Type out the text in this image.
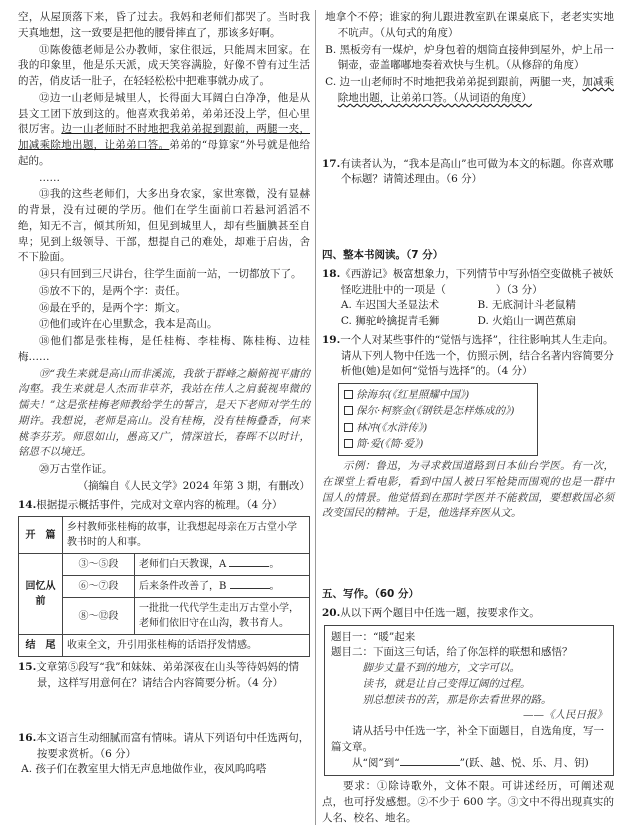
空，从屋顶落下来，昏了过去。我妈和老师们都哭了。当时我天真地想，这一致要是把他的腰骨摔直了，那该多好啊。

⑪陈俊德老师是公办教师，家住很远，只能周末回家。在我的印象里，他是乐天派，成天笑容满脸，好像不曾有过生活的苦，俏皮话一肚子，在轻轻松松中把难事就办成了。

⑫边一山老师是城里人，长得面大耳阔白白净净，他是从县文工团下放到这的。他喜欢我弟弟，弟弟还没上学，但心里很厉害。边一山老师时不时地把我弟弟捉到跟前，两腿一夹，加减乘除地出题，让弟弟口答。弟弟的“母算家”外号就是他给起的。

……

⑬我的这些老师们，大多出身农家，家世寒微，没有显赫的背景，没有过硬的学历。他们在学生面前口若悬河滔滔不绝，知无不言，倾其所知，但见到城里人，却有些腼腆甚至自卑；见到上级领导、干部，想提自己的难处，却难于启齿，舍不下脸面。

⑭只有回到三尺讲台，往学生面前一站，一切都放下了。

⑮放不下的，是两个字：责任。

⑯最在乎的，是两个字：斯文。

⑰他们或许在心里默念，我本是高山。

⑱他们都是张桂梅，是任桂梅、李桂梅、陈桂梅、边桂梅……

⑲“我生来就是高山而非溪流，我欲于群峰之巅俯视平庸的沟壑。我生来就是人杰而非草芥，我站在伟人之肩藐视卑微的懦夫！”这是张桂梅老师教给学生的誓言，是天下老师对学生的期许。我想说，老师是高山。没有桂梅，没有桂梅叠香，何来桃李芬芳。师恩如山，愚高又广，情深谊长，春晖不以时计，铭恩不以境迁。

⑳万古堂作证。

（摘编自《人民文学》2024 年第 3 期，有删改）

14.根据提示概括事件，完成对文章内容的梳理。（4 分）
开　篇	乡村教师张桂梅的故事，让我想起母亲在万古堂小学教书时的人和事。	
回忆从前	③～⑤段	老师们白天教课，A 。
	⑥～⑦段	后来条件改善了，B 。
	⑧～⑫段	一批批一代代学生走出万古堂小学，老师们依旧守在山沟，教书育人。
结　尾	收束全文，升引用张桂梅的话语抒发情感。	
15.文章第⑤段写“我”和妹妹、弟弟深夜在山头等待妈妈的情景，这样写用意何在？请结合内容简要分析。（4 分）
16.本文语言生动细腻而富有情味。请从下列语句中任选两句，按要求赏析。（6 分）

A. 孩子们在教室里大悄无声息地做作业，夜风呜呜嗒

地拿个不停；谁家的狗儿跟进教室趴在课桌底下，老老实实地不吭声。（从句式的角度）

B. 黑板旁有一煤炉，炉身包着的烟筒直接伸到屋外，炉上吊一铜壶，壶盖嘟嘟地奏着欢快与生机。（从修辞的角度）

C. 边一山老师时不时地把我弟弟捉到跟前，两腿一夹，加减乘除地出题，让弟弟口答。（从词语的角度）

17.有读者认为，“我本是高山”也可做为本文的标题。你喜欢哪个标题？请简述理由。（6 分）
四、整本书阅读。（7 分）
18.《西游记》极富想象力，下列情节中写孙悟空变做桃子被妖怪吃进肚中的一项是（	）（3 分）
A. 车迟国大圣显法术	B. 无底洞计斗老鼠精
C. 狮驼岭擒捉青毛狮	D. 火焰山一调芭蕉扇
19.一个人对某些事件的“觉悟与选择”，往往影响其人生走向。请从下列人物中任选一个，仿照示例，结合名著内容简要分析他(她)是如何“觉悟与选择”的。（4 分）
徐海东(《红星照耀中国》)
保尔·柯察金(《钢铁是怎样炼成的》)
林冲(《水浒传》)
简·爱(《简·爱》)

示例：鲁迅，为寻求救国道路到日本仙台学医。有一次，在课堂上看电影，看到中国人被日军枪毙而围观的也是一群中国人的情景。他觉悟到在那时学医并不能救国，要想救国必须改变国民的精神。于是，他选择弃医从文。

五、写作。（60 分）
20.从以下两个题目中任选一题，按要求作文。
题目一：“暖”起来
题目二：下面这三句话，给了你怎样的联想和感悟？
脚步丈量不到的地方，文字可以。
读书，就是让自己变得辽阔的过程。
别总想读书的苦，那是你去看世界的路。
——《人民日报》
请从括号中任选一字，补全下面题目，自选角度，写一篇文章。
从“阅”到“	”(跃、越、悦、乐、月、钥)

要求：①除诗歌外，文体不限。可讲述经历，可阐述观点，也可抒发感想。②不少于 600 字。③文中不得出现真实的人名、校名、地名。
